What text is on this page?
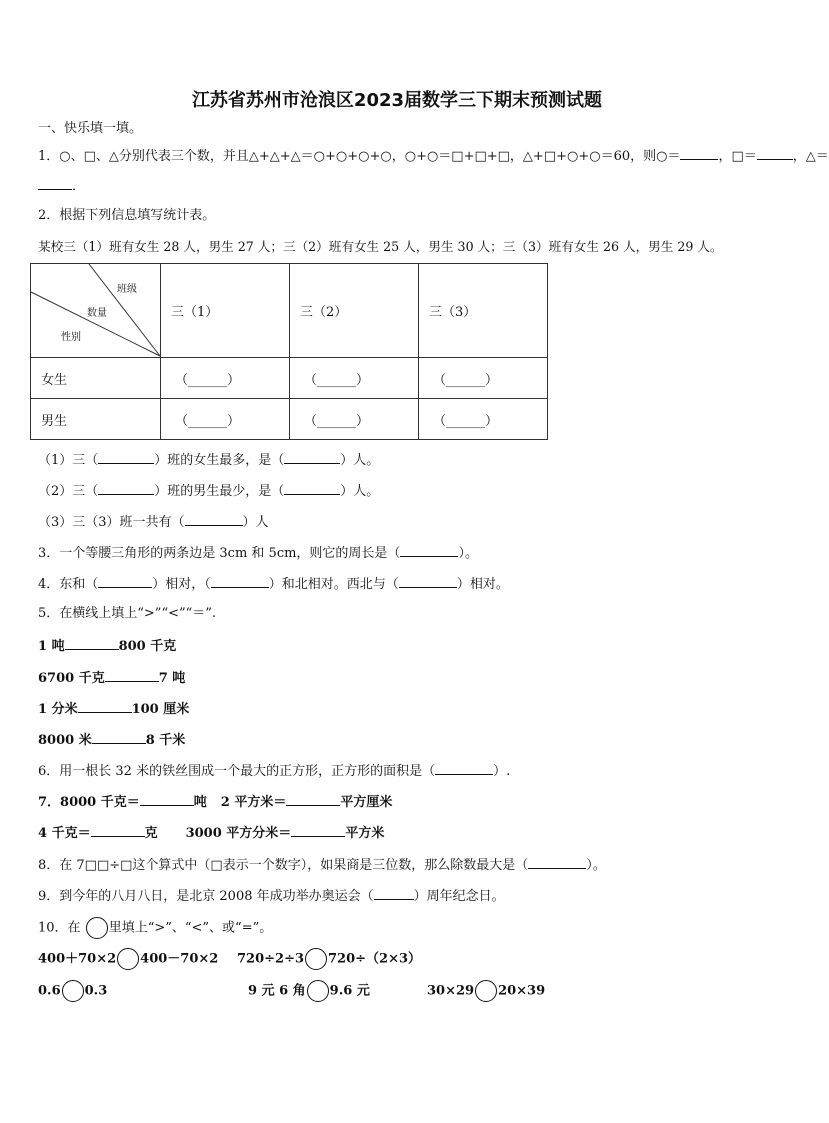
江苏省苏州市沧浪区2023届数学三下期末预测试题
一、快乐填一填。
1．○、□、△分别代表三个数，并且△+△+△＝○+○+○+○，○+○＝□+□+□，△+□+○+○＝60，则○＝	，□＝	，△＝
．
2．根据下列信息填写统计表。
某校三（1）班有女生 28 人，男生 27 人；三（2）班有女生 25 人，男生 30 人；三（3）班有女生 26 人，男生 29 人。
班级
数量
性别	三（1）	三（2）	三（3）
女生	（______）	（______）	（______）
男生	（______）	（______）	（______）
（1）三（	）班的女生最多，是（	）人。
（2）三（	）班的男生最少，是（	）人。
（3）三（3）班一共有（	）人
3．一个等腰三角形的两条边是 3cm 和 5cm，则它的周长是（	）。
4．东和（	）相对，（	）和北相对。西北与（	）相对。
5．在横线上填上“>”“<”“＝”.
1 吨	800 千克
6700 千克	7 吨
1 分米	100 厘米
8000 米	8 千米
6．用一根长 32 米的铁丝围成一个最大的正方形，正方形的面积是（	）.
7．8000 千克＝	吨 2 平方米＝	平方厘米
4 千克＝	克 3000 平方分米＝	平方米
8．在 7□□÷□这个算式中（□表示一个数字），如果商是三位数，那么除数最大是（	）。
9．到今年的八月八日，是北京 2008 年成功举办奥运会（	）周年纪念日。
10．在 里填上“>”、“<”、或“=”。
400＋70×2 400－70×2 720÷2÷3 720÷（2×3）
0.6 0.3	9 元 6 角 9.6 元	30×29 20×39
